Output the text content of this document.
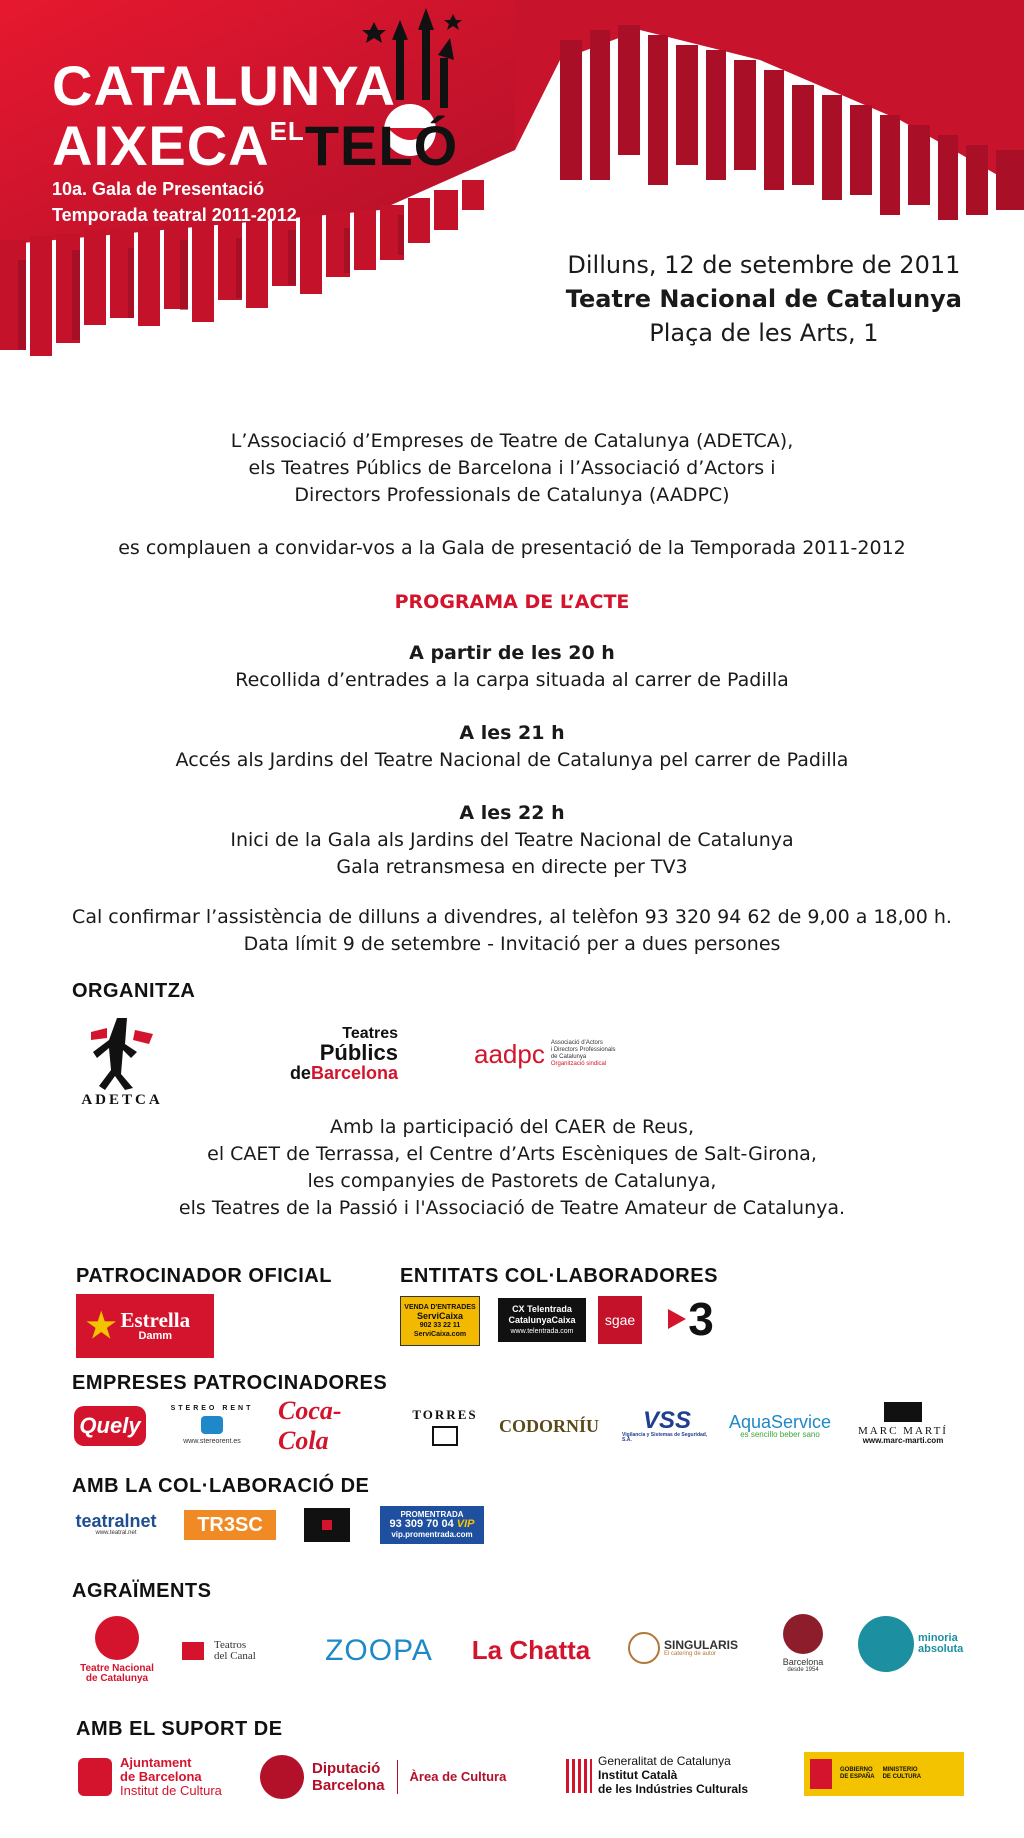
CATALUNYA
$AIXECA^{EL}TELÓ$
10a. Gala de Presentació
Temporada teatral 2011-2012
Dilluns, 12 de setembre de 2011
Teatre Nacional de Catalunya
Plaça de les Arts, 1
L’Associació d’Empreses de Teatre de Catalunya (ADETCA),
els Teatres Públics de Barcelona i l’Associació d’Actors i
Directors Professionals de Catalunya (AADPC)
es complauen a convidar-vos a la Gala de presentació de la Temporada 2011-2012
PROGRAMA DE L’ACTE
A partir de les 20 h
Recollida d’entrades a la carpa situada al carrer de Padilla
A les 21 h
Accés als Jardins del Teatre Nacional de Catalunya pel carrer de Padilla
A les 22 h
Inici de la Gala als Jardins del Teatre Nacional de Catalunya
Gala retransmesa en directe per TV3
Cal confirmar l’assistència de dilluns a divendres, al telèfon 93 320 94 62 de 9,00 a 18,00 h.
Data límit 9 de setembre - Invitació per a dues persones
ORGANITZA
ADETCA
Teatres
Públics
deBarcelona
aadpc Associació d’Actors
i Directors Professionals
de Catalunya
Organització sindical
Amb la participació del CAER de Reus,
el CAET de Terrassa, el Centre d’Arts Escèniques de Salt-Girona,
les companyies de Pastorets de Catalunya,
els Teatres de la Passió i l'Associació de Teatre Amateur de Catalunya.
PATROCINADOR OFICIAL
★ Estrella
Damm
ENTITATS COL·LABORADORES
VENDA D'ENTRADES
ServiCaixa
902 33 22 11
ServiCaixa.com
CX Telentrada
CatalunyaCaixa
www.telentrada.com
sgae 3
EMPRESES PATROCINADORES
Quely
STEREO RENT
www.stereorent.es
Coca-Cola
TORRES
CODORNÍU VSS
Vigilancia y Sistemas de Seguridad, S.A.
AquaService
es sencillo beber sano	MARC MARTÍ
www.marc-marti.com
AMB LA COL·LABORACIÓ DE
teatralnet
www.teatral.net	TR3SC	PROMENTRADA
93 309 70 04 VIP
vip.promentrada.com
AGRAÏMENTS
Teatre Nacional
de Catalunya
Teatros
del Canal ZOOPA	La Chatta	SINGULARIS
El catering de autor
Barcelona
desde 1954
minoria
absoluta
AMB EL SUPORT DE
Ajuntament
de Barcelona
Institut de Cultura
Diputació
Barcelona
Àrea de Cultura
Generalitat de Catalunya
Institut Català
de les Indústries Culturals
GOBIERNO
DE ESPAÑA
MINISTERIO
DE CULTURA
